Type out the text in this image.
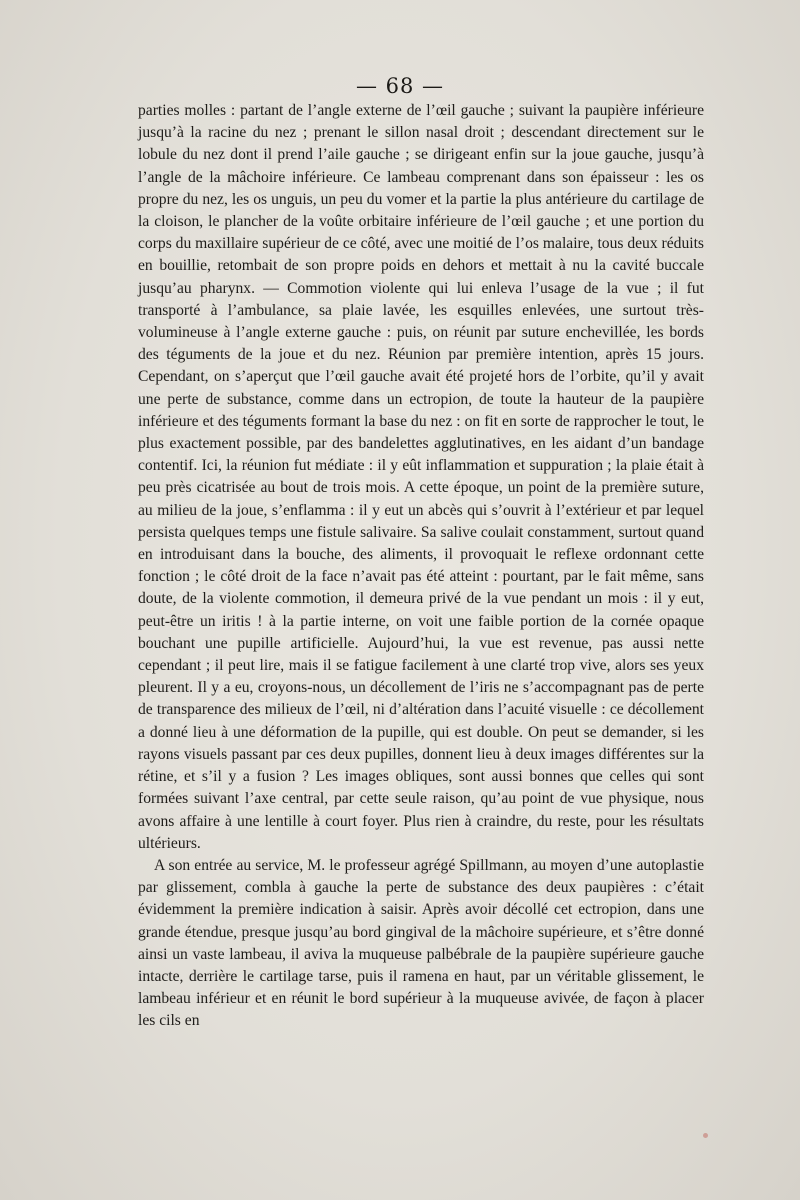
— 68 —

parties molles : partant de l’angle externe de l’œil gauche ; suivant la paupière inférieure jusqu’à la racine du nez ; prenant le sillon nasal droit ; descendant directement sur le lobule du nez dont il prend l’aile gauche ; se dirigeant enfin sur la joue gauche, jusqu’à l’angle de la mâchoire inférieure. Ce lambeau comprenant dans son épaisseur : les os propre du nez, les os unguis, un peu du vomer et la partie la plus antérieure du cartilage de la cloison, le plancher de la voûte orbitaire inférieure de l’œil gauche ; et une portion du corps du maxillaire supérieur de ce côté, avec une moitié de l’os malaire, tous deux réduits en bouillie, retombait de son propre poids en dehors et mettait à nu la cavité buccale jusqu’au pharynx. — Commotion violente qui lui enleva l’usage de la vue ; il fut transporté à l’ambulance, sa plaie lavée, les esquilles enlevées, une surtout très-volumineuse à l’angle externe gauche : puis, on réunit par suture enchevillée, les bords des téguments de la joue et du nez. Réunion par première intention, après 15 jours. Cependant, on s’aperçut que l’œil gauche avait été projeté hors de l’orbite, qu’il y avait une perte de substance, comme dans un ectropion, de toute la hauteur de la paupière inférieure et des téguments formant la base du nez : on fit en sorte de rapprocher le tout, le plus exactement possible, par des bandelettes agglutinatives, en les aidant d’un bandage contentif. Ici, la réunion fut médiate : il y eût inflammation et suppuration ; la plaie était à peu près cicatrisée au bout de trois mois. A cette époque, un point de la première suture, au milieu de la joue, s’enflamma : il y eut un abcès qui s’ouvrit à l’extérieur et par lequel persista quelques temps une fistule salivaire. Sa salive coulait constamment, surtout quand en introduisant dans la bouche, des aliments, il provoquait le reflexe ordonnant cette fonction ; le côté droit de la face n’avait pas été atteint : pourtant, par le fait même, sans doute, de la violente commotion, il demeura privé de la vue pendant un mois : il y eut, peut-être un iritis ! à la partie interne, on voit une faible portion de la cornée opaque bouchant une pupille artificielle. Aujourd’hui, la vue est revenue, pas aussi nette cependant ; il peut lire, mais il se fatigue facilement à une clarté trop vive, alors ses yeux pleurent. Il y a eu, croyons-nous, un décollement de l’iris ne s’accompagnant pas de perte de transparence des milieux de l’œil, ni d’altération dans l’acuité visuelle : ce décollement a donné lieu à une déformation de la pupille, qui est double. On peut se demander, si les rayons visuels passant par ces deux pupilles, donnent lieu à deux images différentes sur la rétine, et s’il y a fusion ? Les images obliques, sont aussi bonnes que celles qui sont formées suivant l’axe central, par cette seule raison, qu’au point de vue physique, nous avons affaire à une lentille à court foyer. Plus rien à craindre, du reste, pour les résultats ultérieurs.

A son entrée au service, M. le professeur agrégé Spillmann, au moyen d’une autoplastie par glissement, combla à gauche la perte de substance des deux paupières : c’était évidemment la première indication à saisir. Après avoir décollé cet ectropion, dans une grande étendue, presque jusqu’au bord gingival de la mâchoire supérieure, et s’être donné ainsi un vaste lambeau, il aviva la muqueuse palbébrale de la paupière supérieure gauche intacte, derrière le cartilage tarse, puis il ramena en haut, par un véritable glissement, le lambeau inférieur et en réunit le bord supérieur à la muqueuse avivée, de façon à placer les cils en
